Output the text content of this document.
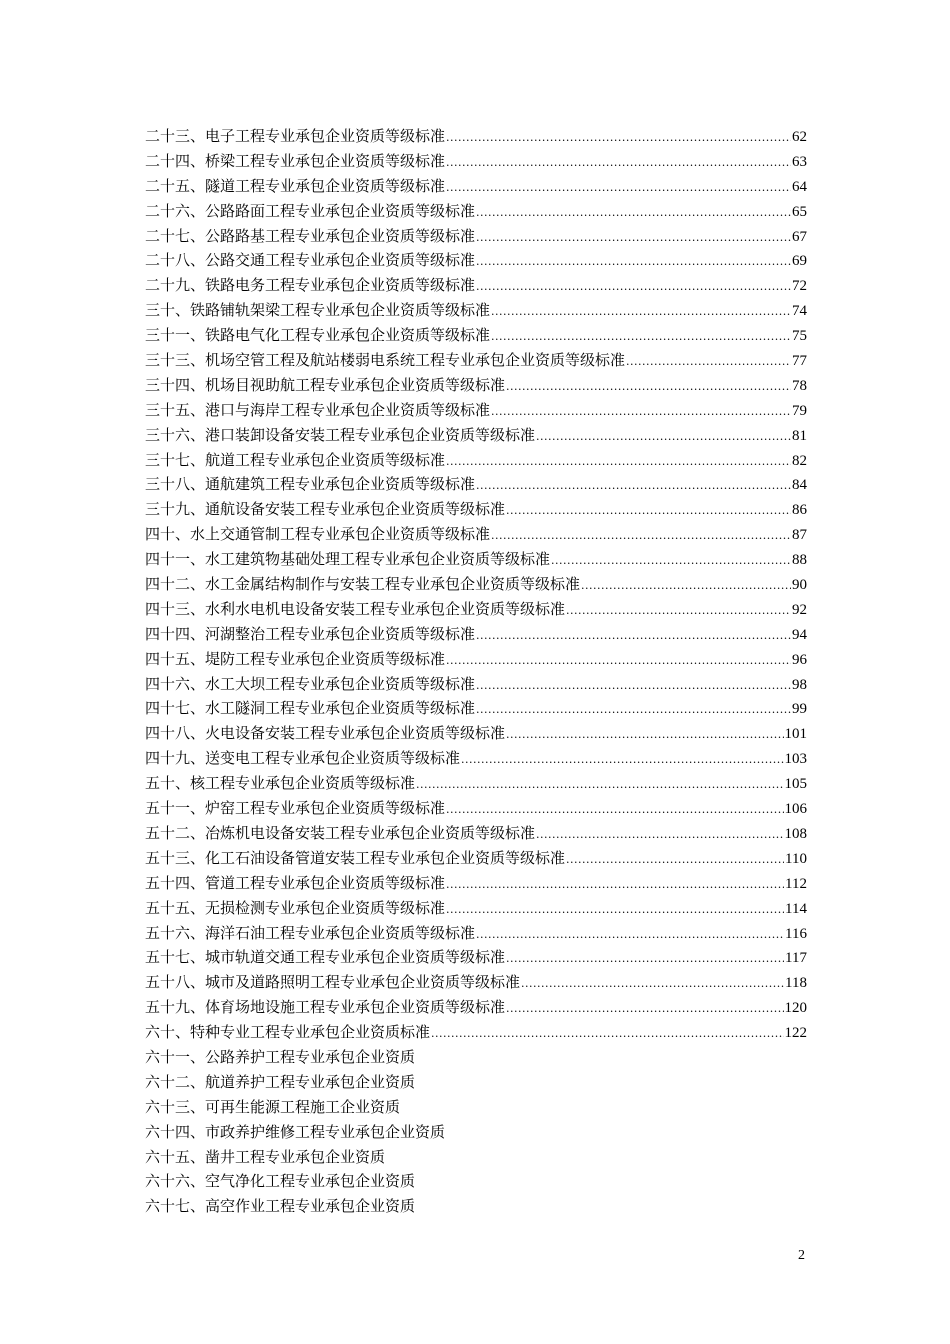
二十三、电子工程专业承包企业资质等级标准 .....	62
二十四、桥梁工程专业承包企业资质等级标准 .....	63
二十五、隧道工程专业承包企业资质等级标准 .....	64
二十六、公路路面工程专业承包企业资质等级标准 .....	65
二十七、公路路基工程专业承包企业资质等级标准 .....	67
二十八、公路交通工程专业承包企业资质等级标准 .....	69
二十九、铁路电务工程专业承包企业资质等级标准 .....	72
三十、铁路铺轨架梁工程专业承包企业资质等级标准 .....	74
三十一、铁路电气化工程专业承包企业资质等级标准 .....	75
三十三、机场空管工程及航站楼弱电系统工程专业承包企业资质等级标准 .....	77
三十四、机场目视助航工程专业承包企业资质等级标准 .....	78
三十五、港口与海岸工程专业承包企业资质等级标准 .....	79
三十六、港口装卸设备安装工程专业承包企业资质等级标准 .....	81
三十七、航道工程专业承包企业资质等级标准 .....	82
三十八、通航建筑工程专业承包企业资质等级标准 .....	84
三十九、通航设备安装工程专业承包企业资质等级标准 .....	86
四十、水上交通管制工程专业承包企业资质等级标准 .....	87
四十一、水工建筑物基础处理工程专业承包企业资质等级标准 .....	88
四十二、水工金属结构制作与安装工程专业承包企业资质等级标准 .....	90
四十三、水利水电机电设备安装工程专业承包企业资质等级标准 .....	92
四十四、河湖整治工程专业承包企业资质等级标准 .....	94
四十五、堤防工程专业承包企业资质等级标准 .....	96
四十六、水工大坝工程专业承包企业资质等级标准 .....	98
四十七、水工隧洞工程专业承包企业资质等级标准 .....	99
四十八、火电设备安装工程专业承包企业资质等级标准 .....	101
四十九、送变电工程专业承包企业资质等级标准 .....	103
五十、核工程专业承包企业资质等级标准 .....	105
五十一、炉窑工程专业承包企业资质等级标准 .....	106
五十二、冶炼机电设备安装工程专业承包企业资质等级标准 .....	108
五十三、化工石油设备管道安装工程专业承包企业资质等级标准 .....	110
五十四、管道工程专业承包企业资质等级标准 .....	112
五十五、无损检测专业承包企业资质等级标准 .....	114
五十六、海洋石油工程专业承包企业资质等级标准 .....	116
五十七、城市轨道交通工程专业承包企业资质等级标准 .....	117
五十八、城市及道路照明工程专业承包企业资质等级标准 .....	118
五十九、体育场地设施工程专业承包企业资质等级标准 .....	120
六十、特种专业工程专业承包企业资质标准 .....	122
六十一、公路养护工程专业承包企业资质
六十二、航道养护工程专业承包企业资质
六十三、可再生能源工程施工企业资质
六十四、市政养护维修工程专业承包企业资质
六十五、凿井工程专业承包企业资质
六十六、空气净化工程专业承包企业资质
六十七、高空作业工程专业承包企业资质
2
